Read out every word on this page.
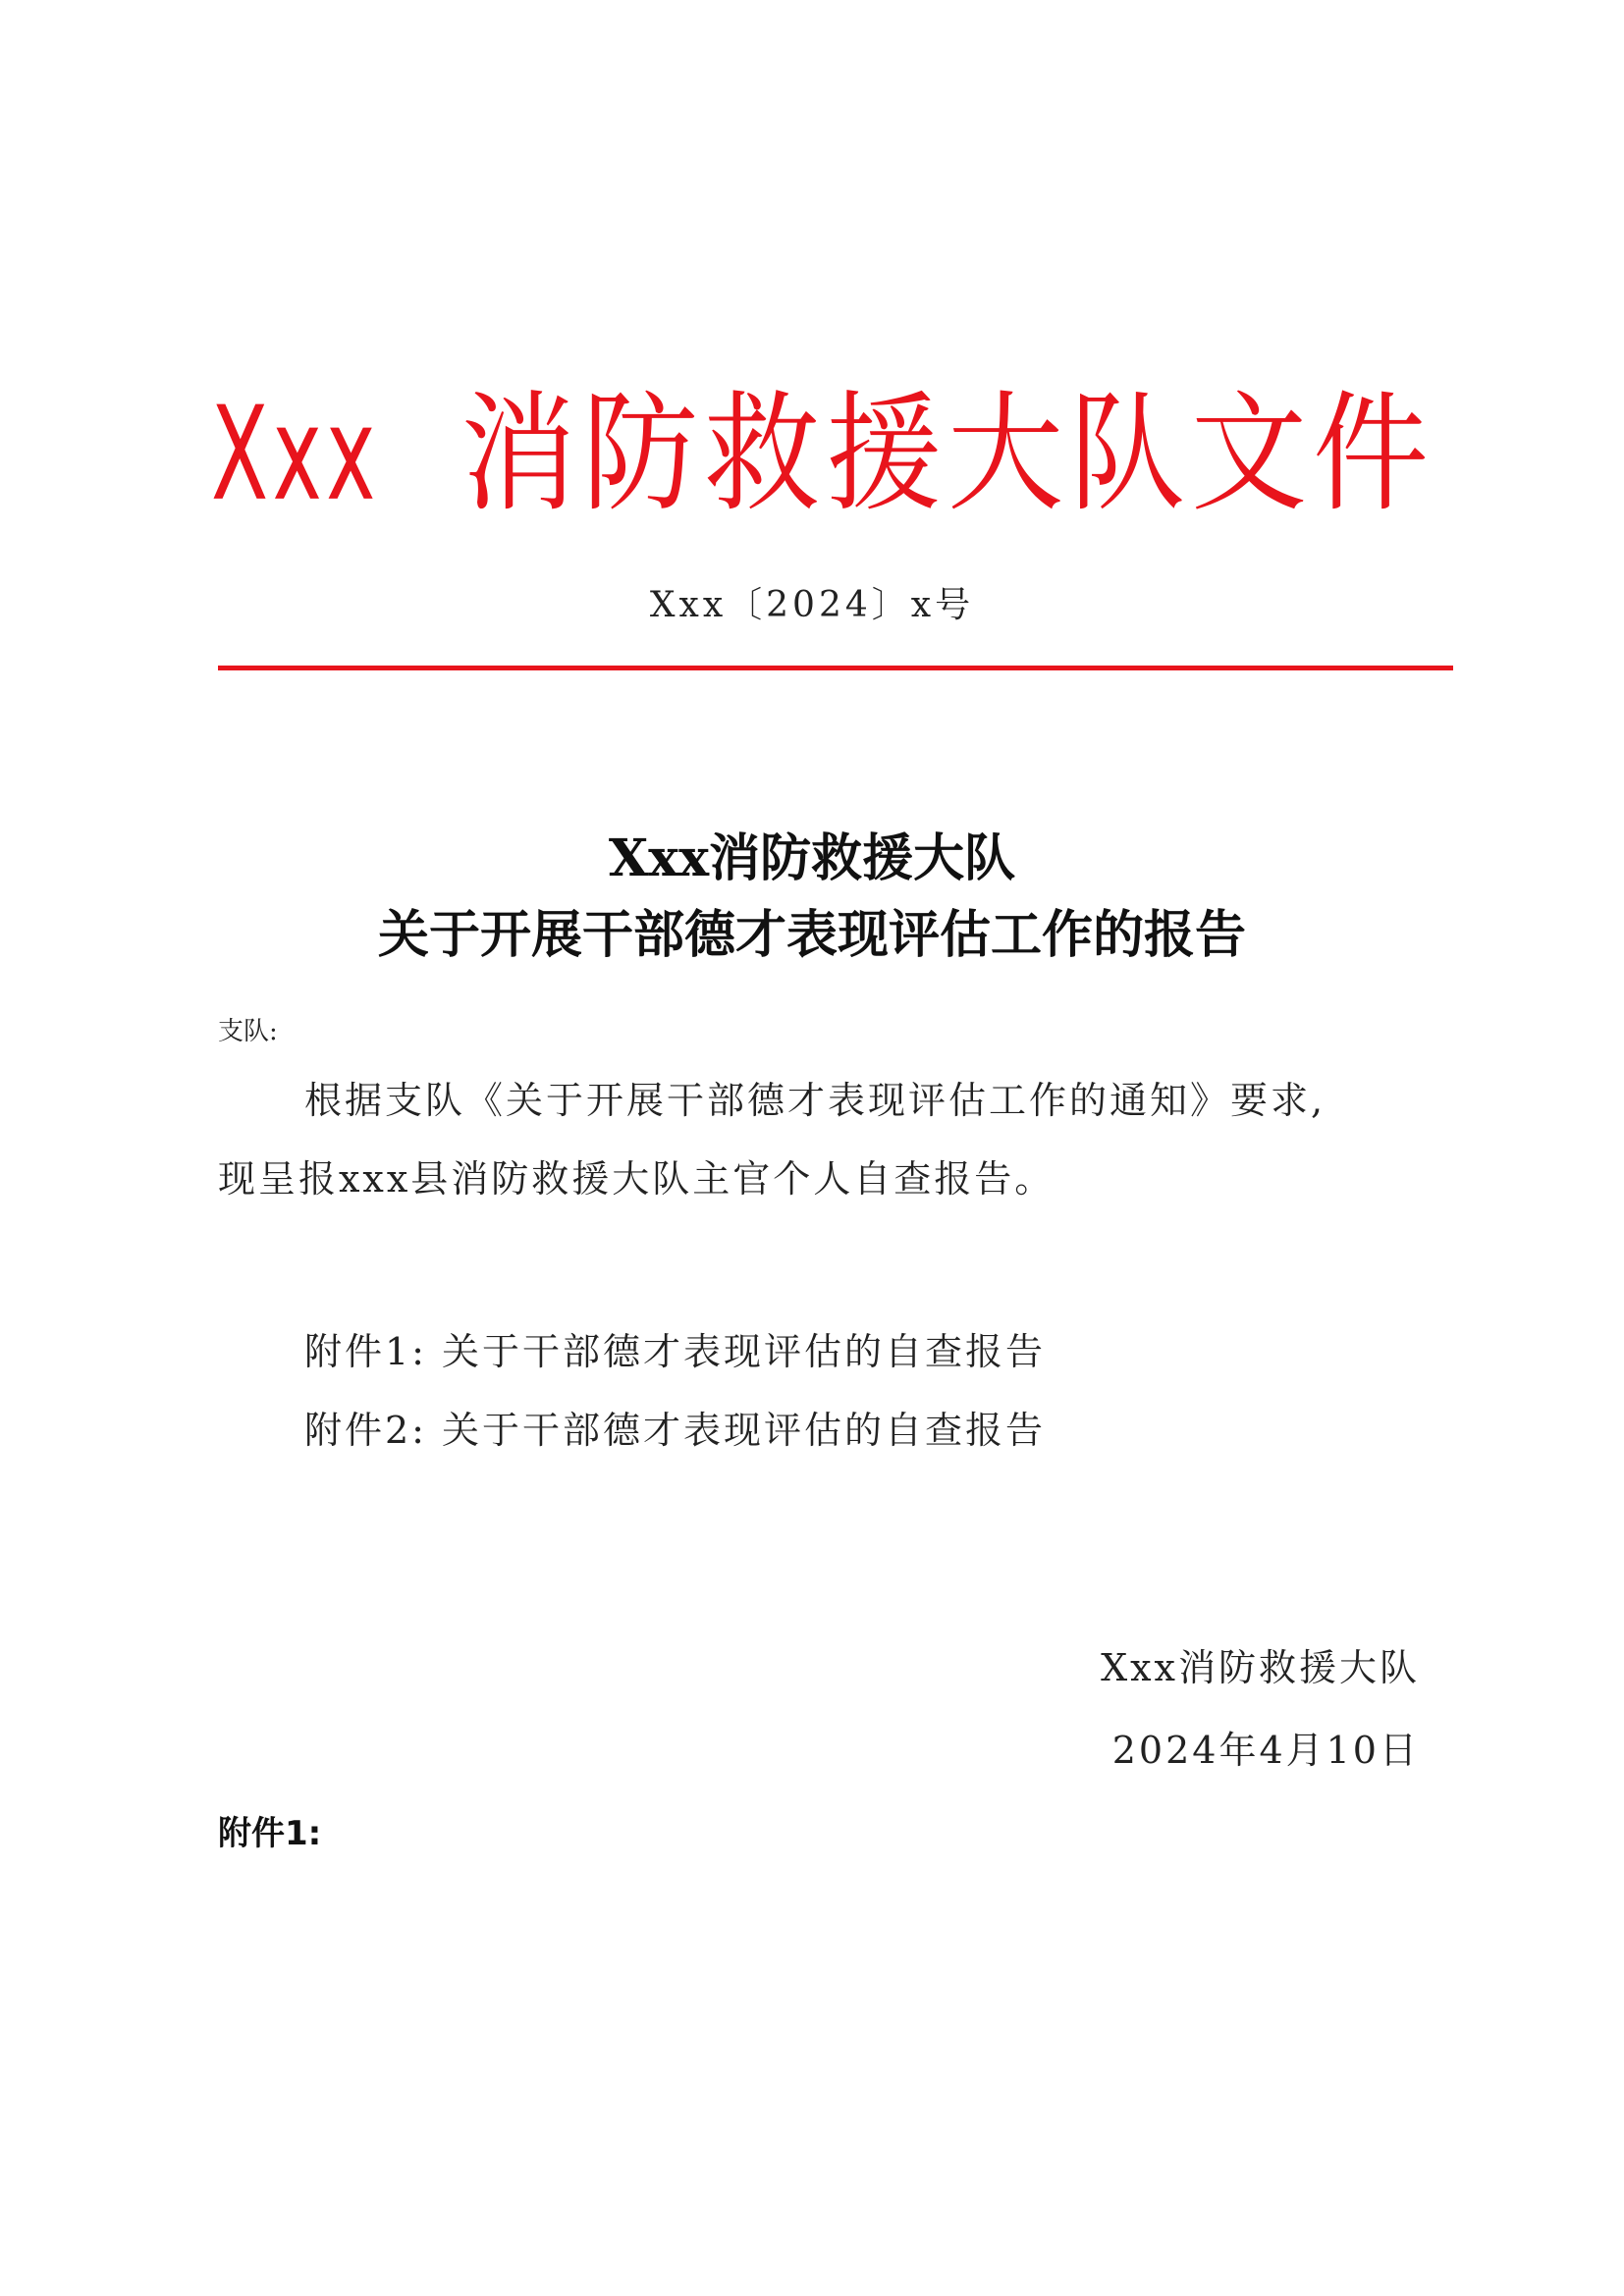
Xxx 消防救援大队文件
Xxx〔2024〕x号
Xxx消防救援大队
关于开展干部德才表现评估工作的报告
支队:
根据支队《关于开展干部德才表现评估工作的通知》要求,
现呈报xxx县消防救援大队主官个人自查报告。
附件1: 关于干部德才表现评估的自查报告
附件2: 关于干部德才表现评估的自查报告
Xxx消防救援大队
2024年4月10日
附件1:
